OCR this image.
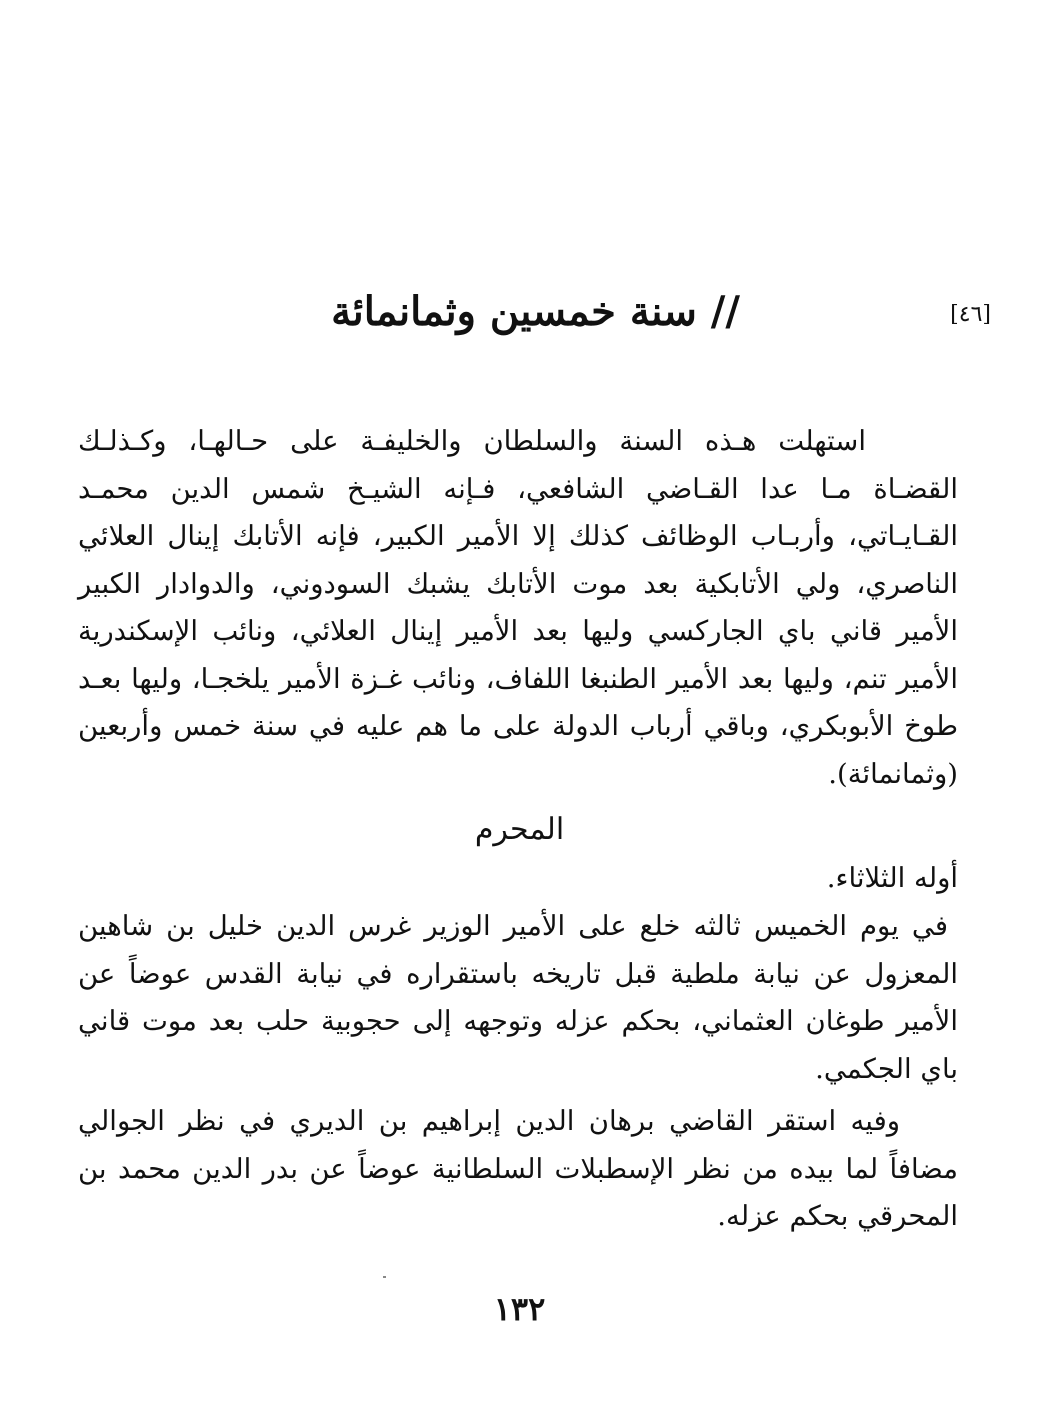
[٤٦]
// سنة خمسين وثمانمائة

استهلت هـذه السنة والسلطان والخليفـة على حـالهـا، وكـذلـك القضـاة مـا عدا القـاضي الشافعي، فـإنه الشيـخ شمس الدين محمـد القـايـاتي، وأربـاب الوظائف كذلك إلا الأمير الكبير، فإنه الأتابك إينال العلائي الناصري، ولي الأتابكية بعد موت الأتابك يشبك السودوني، والدوادار الكبير الأمير قاني باي الجاركسي وليها بعد الأمير إينال العلائي، ونائب الإسكندرية الأمير تنم، وليها بعد الأمير الطنبغا اللفاف، ونائب غـزة الأمير يلخجـا، وليها بعـد طوخ الأبوبكري، وباقي أرباب الدولة على ما هم عليه في سنة خمس وأربعين (وثمانمائة).

المحرم

أوله الثلاثاء.

في يوم الخميس ثالثه خلع على الأمير الوزير غرس الدين خليل بن شاهين المعزول عن نيابة ملطية قبل تاريخه باستقراره في نيابة القدس عوضاً عن الأمير طوغان العثماني، بحكم عزله وتوجهه إلى حجوبية حلب بعد موت قاني باي الجكمي.

وفيه استقر القاضي برهان الدين إبراهيم بن الديري في نظر الجوالي مضافاً لما بيده من نظر الإسطبلات السلطانية عوضاً عن بدر الدين محمد بن المحرقي بحكم عزله.

١٣٢
